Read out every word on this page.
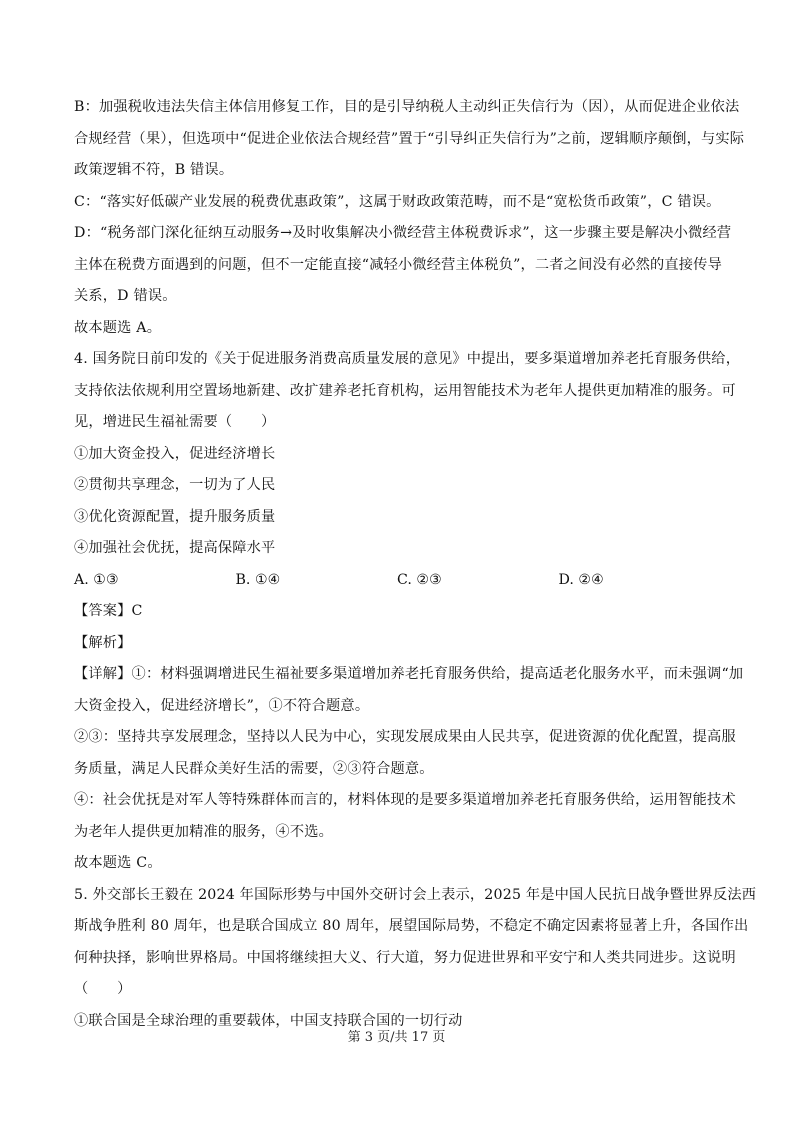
B：加强税收违法失信主体信用修复工作，目的是引导纳税人主动纠正失信行为（因），从而促进企业依法

合规经营（果），但选项中“促进企业依法合规经营”置于“引导纠正失信行为”之前，逻辑顺序颠倒，与实际

政策逻辑不符，B 错误。

C：“落实好低碳产业发展的税费优惠政策”，这属于财政政策范畴，而不是“宽松货币政策”，C 错误。

D：“税务部门深化征纳互动服务→及时收集解决小微经营主体税费诉求”，这一步骤主要是解决小微经营

主体在税费方面遇到的问题，但不一定能直接“减轻小微经营主体税负”，二者之间没有必然的直接传导

关系，D 错误。

故本题选 A。

4. 国务院日前印发的《关于促进服务消费高质量发展的意见》中提出，要多渠道增加养老托育服务供给，

支持依法依规利用空置场地新建、改扩建养老托育机构，运用智能技术为老年人提供更加精准的服务。可

见，增进民生福祉需要（　　）

①加大资金投入，促进经济增长

②贯彻共享理念，一切为了人民

③优化资源配置，提升服务质量

④加强社会优抚，提高保障水平

A. ①③	B. ①④	C. ②③	D. ②④

【答案】C

【解析】

【详解】①：材料强调增进民生福祉要多渠道增加养老托育服务供给，提高适老化服务水平，而未强调“加

大资金投入，促进经济增长”，①不符合题意。

②③：坚持共享发展理念，坚持以人民为中心，实现发展成果由人民共享，促进资源的优化配置，提高服

务质量，满足人民群众美好生活的需要，②③符合题意。

④：社会优抚是对军人等特殊群体而言的，材料体现的是要多渠道增加养老托育服务供给，运用智能技术

为老年人提供更加精准的服务，④不选。

故本题选 C。

5. 外交部长王毅在 2024 年国际形势与中国外交研讨会上表示，2025 年是中国人民抗日战争暨世界反法西

斯战争胜利 80 周年，也是联合国成立 80 周年，展望国际局势，不稳定不确定因素将显著上升，各国作出

何种抉择，影响世界格局。中国将继续担大义、行大道，努力促进世界和平安宁和人类共同进步。这说明

（　　）

①联合国是全球治理的重要载体，中国支持联合国的一切行动

第 3 页/共 17 页
